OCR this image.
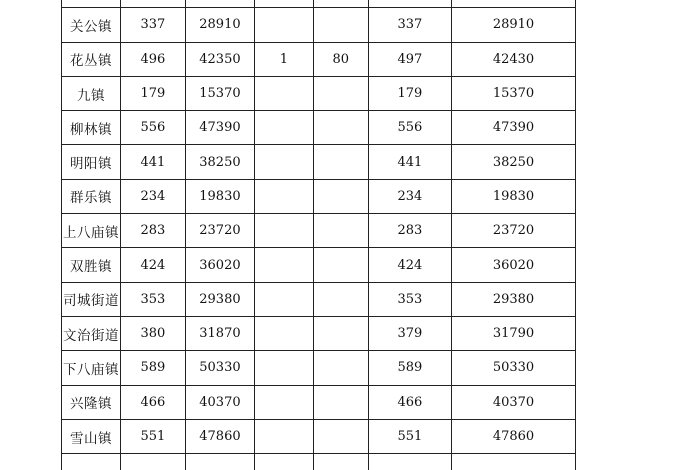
关公镇	337	28910			337	28910
花丛镇	496	42350	1	80	497	42430
九镇	179	15370			179	15370
柳林镇	556	47390			556	47390
明阳镇	441	38250			441	38250
群乐镇	234	19830			234	19830
上八庙镇	283	23720			283	23720
双胜镇	424	36020			424	36020
司城街道	353	29380			353	29380
文治街道	380	31870			379	31790
下八庙镇	589	50330			589	50330
兴隆镇	466	40370			466	40370
雪山镇	551	47860			551	47860
